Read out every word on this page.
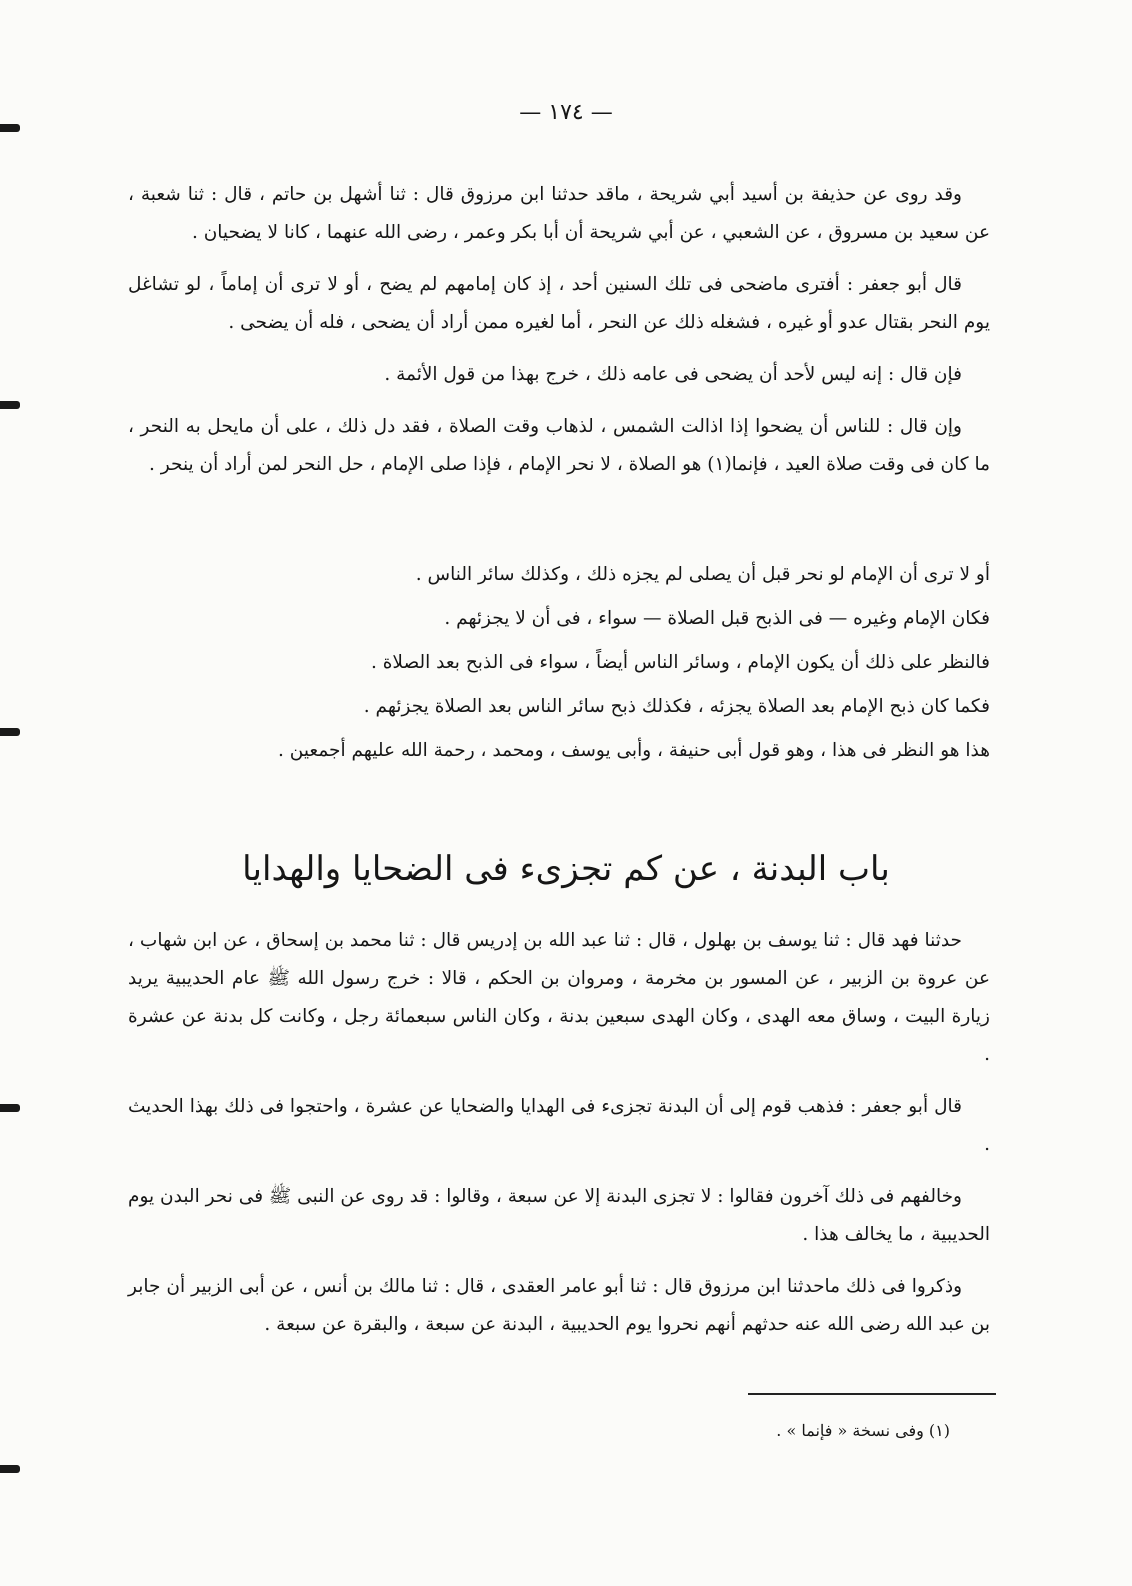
— ١٧٤ —

وقد روى عن حذيفة بن أسيد أبي شريحة ، ماقد حدثنا ابن مرزوق قال : ثنا أشهل بن حاتم ، قال : ثنا شعبة ، عن سعيد بن مسروق ، عن الشعبي ، عن أبي شريحة أن أبا بكر وعمر ، رضى الله عنهما ، كانا لا يضحيان .

قال أبو جعفر : أفترى ماضحى فى تلك السنين أحد ، إذ كان إمامهم لم يضح ، أو لا ترى أن إماماً ، لو تشاغل يوم النحر بقتال عدو أو غيره ، فشغله ذلك عن النحر ، أما لغيره ممن أراد أن يضحى ، فله أن يضحى .

فإن قال : إنه ليس لأحد أن يضحى فى عامه ذلك ، خرج بهذا من قول الأئمة .

وإن قال : للناس أن يضحوا إذا اذالت الشمس ، لذهاب وقت الصلاة ، فقد دل ذلك ، على أن مايحل به النحر ، ما كان فى وقت صلاة العيد ، فإنما(١) هو الصلاة ، لا نحر الإمام ، فإذا صلى الإمام ، حل النحر لمن أراد أن ينحر .

أو لا ترى أن الإمام لو نحر قبل أن يصلى لم يجزه ذلك ، وكذلك سائر الناس .
فكان الإمام وغيره — فى الذبح قبل الصلاة — سواء ، فى أن لا يجزئهم .
فالنظر على ذلك أن يكون الإمام ، وسائر الناس أيضاً ، سواء فى الذبح بعد الصلاة .
فكما كان ذبح الإمام بعد الصلاة يجزئه ، فكذلك ذبح سائر الناس بعد الصلاة يجزئهم .
هذا هو النظر فى هذا ، وهو قول أبى حنيفة ، وأبى يوسف ، ومحمد ، رحمة الله عليهم أجمعين .
باب البدنة ، عن كم تجزىء فى الضحايا والهدايا

حدثنا فهد قال : ثنا يوسف بن بهلول ، قال : ثنا عبد الله بن إدريس قال : ثنا محمد بن إسحاق ، عن ابن شهاب ، عن عروة بن الزبير ، عن المسور بن مخرمة ، ومروان بن الحكم ، قالا : خرج رسول الله ﷺ عام الحديبية يريد زيارة البيت ، وساق معه الهدى ، وكان الهدى سبعين بدنة ، وكان الناس سبعمائة رجل ، وكانت كل بدنة عن عشرة .

قال أبو جعفر : فذهب قوم إلى أن البدنة تجزىء فى الهدايا والضحايا عن عشرة ، واحتجوا فى ذلك بهذا الحديث .

وخالفهم فى ذلك آخرون فقالوا : لا تجزى البدنة إلا عن سبعة ، وقالوا : قد روى عن النبى ﷺ فى نحر البدن يوم الحديبية ، ما يخالف هذا .

وذكروا فى ذلك ماحدثنا ابن مرزوق قال : ثنا أبو عامر العقدى ، قال : ثنا مالك بن أنس ، عن أبى الزبير أن جابر بن عبد الله رضى الله عنه حدثهم أنهم نحروا يوم الحديبية ، البدنة عن سبعة ، والبقرة عن سبعة .

(١) وفى نسخة « فإنما » .
